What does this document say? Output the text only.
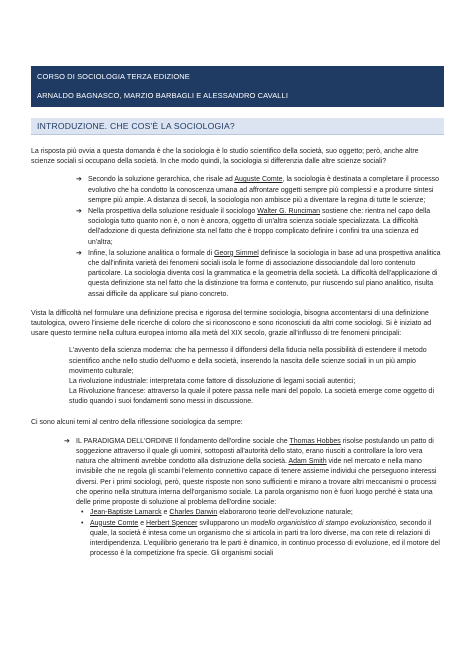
CORSO DI SOCIOLOGIA TERZA EDIZIONE
ARNALDO BAGNASCO, MARZIO BARBAGLI E ALESSANDRO CAVALLI
INTRODUZIONE. CHE COS'È LA SOCIOLOGIA?

La risposta più ovvia a questa domanda è che la sociologia è lo studio scientifico della società, suo oggetto; però, anche altre scienze sociali si occupano della società. In che modo quindi, la sociologia si differenzia dalle altre scienze sociali?

➔ Secondo la soluzione gerarchica, che risale ad Auguste Comte, la sociologia è destinata a completare il processo evolutivo che ha condotto la conoscenza umana ad affrontare oggetti sempre più complessi e a produrre sintesi sempre più ampie. A distanza di secoli, la sociologia non ambisce più a diventare la regina di tutte le scienze;
➔ Nella prospettiva della soluzione residuale il sociologo Walter G. Runciman sostiene che: rientra nel capo della sociologia tutto quanto non è, o non è ancora, oggetto di un'altra scienza sociale specializzata. La difficoltà dell'adozione di questa definizione sta nel fatto che è troppo complicato definire i confini tra una scienza ed un'altra;
➔ Infine, la soluzione analitica o formale di Georg Simmel definisce la sociologia in base ad una prospettiva analitica che dall'infinita varietà dei fenomeni sociali isola le forme di associazione dissociandole dal loro contenuto particolare. La sociologia diventa così la grammatica e la geometria della società. La difficoltà dell'applicazione di questa definizione sta nel fatto che la distinzione tra forma e contenuto, pur riuscendo sul piano analitico, risulta assai difficile da applicare sul piano concreto.

Vista la difficoltà nel formulare una definizione precisa e rigorosa del termine sociologia, bisogna accontentarsi di una definizione tautologica, ovvero l'insieme delle ricerche di coloro che si riconoscono e sono riconosciuti da altri come sociologi. Si è iniziato ad usare questo termine nella cultura europea intorno alla metà del XIX secolo, grazie all'influsso di tre fenomeni principali:

L'avvento della scienza moderna: che ha permesso il diffondersi della fiducia nella possibilità di estendere il metodo scientifico anche nello studio dell'uomo e della società, inserendo la nascita delle scienze sociali in un più ampio movimento culturale;
La rivoluzione industriale: interpretata come fattore di dissoluzione di legami sociali autentici;
La Rivoluzione francese: attraverso la quale il potere passa nelle mani del popolo. La società emerge come oggetto di studio quando i suoi fondamenti sono messi in discussione.

Ci sono alcuni temi al centro della riflessione sociologica da sempre:

➔ IL PARADIGMA DELL'ORDINE Il fondamento dell'ordine sociale che Thomas Hobbes risolse postulando un patto di soggezione attraverso il quale gli uomini, sottoposti all'autorità dello stato, erano riusciti a controllare la loro vera natura che altrimenti avrebbe condotto alla distruzione della società. Adam Smith vide nel mercato e nella mano invisibile che ne regola gli scambi l'elemento connettivo capace di tenere assieme individui che perseguono interessi diversi. Per i primi sociologi, però, queste risposte non sono sufficienti e mirano a trovare altri meccanismi o processi che operino nella struttura interna dell'organismo sociale. La parola organismo non è fuori luogo perché è stata una delle prime proposte di soluzione al problema dell'ordine sociale:
• Jean-Baptiste Lamarck e Charles Darwin elaborarono teorie dell'evoluzione naturale;
• Auguste Comte e Herbert Spencer svilupparono un modello organicistico di stampo evoluzionistico, secondo il quale, la società è intesa come un organismo che si articola in parti tra loro diverse, ma con rete di relazioni di interdipendenza. L'equilibrio generario tra le parti è dinamico, in continuo processo di evoluzione, ed il motore del processo è la competizione fra specie. Gli organismi sociali
